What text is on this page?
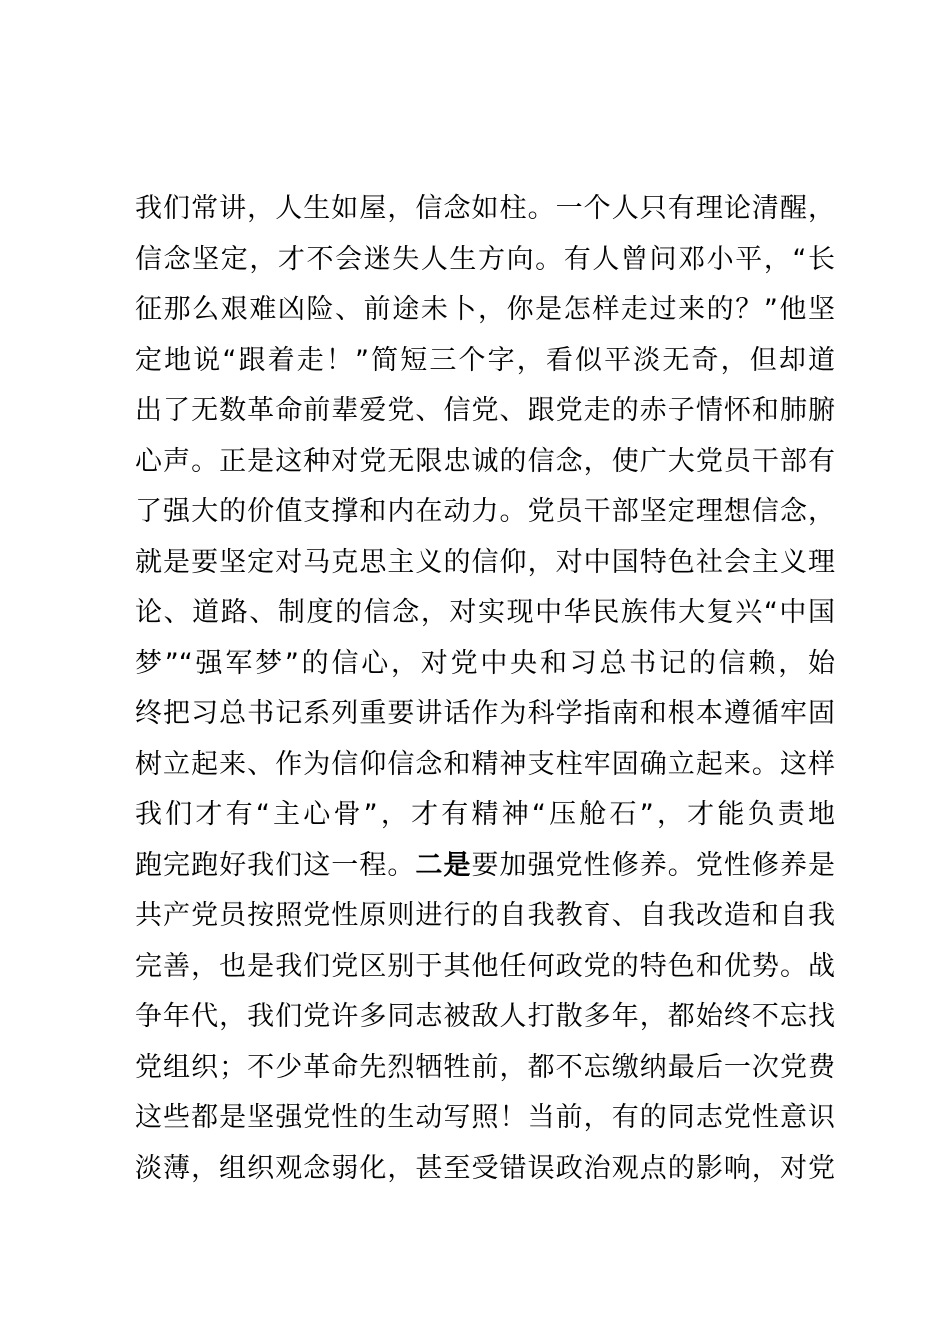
我们常讲，人生如屋，信念如柱。一个人只有理论清醒，
信念坚定，才不会迷失人生方向。有人曾问邓小平，“长
征那么艰难凶险、前途未卜，你是怎样走过来的？”他坚
定地说“跟着走！”简短三个字，看似平淡无奇，但却道
出了无数革命前辈爱党、信党、跟党走的赤子情怀和肺腑
心声。正是这种对党无限忠诚的信念，使广大党员干部有
了强大的价值支撑和内在动力。党员干部坚定理想信念，
就是要坚定对马克思主义的信仰，对中国特色社会主义理
论、道路、制度的信念，对实现中华民族伟大复兴“中国
梦”“强军梦”的信心，对党中央和习总书记的信赖，始
终把习总书记系列重要讲话作为科学指南和根本遵循牢固
树立起来、作为信仰信念和精神支柱牢固确立起来。这样
我们才有“主心骨”，才有精神“压舱石”，才能负责地
跑完跑好我们这一程。二是要加强党性修养。党性修养是
共产党员按照党性原则进行的自我教育、自我改造和自我
完善，也是我们党区别于其他任何政党的特色和优势。战
争年代，我们党许多同志被敌人打散多年，都始终不忘找
党组织；不少革命先烈牺牲前，都不忘缴纳最后一次党费
这些都是坚强党性的生动写照！当前，有的同志党性意识
淡薄，组织观念弱化，甚至受错误政治观点的影响，对党
